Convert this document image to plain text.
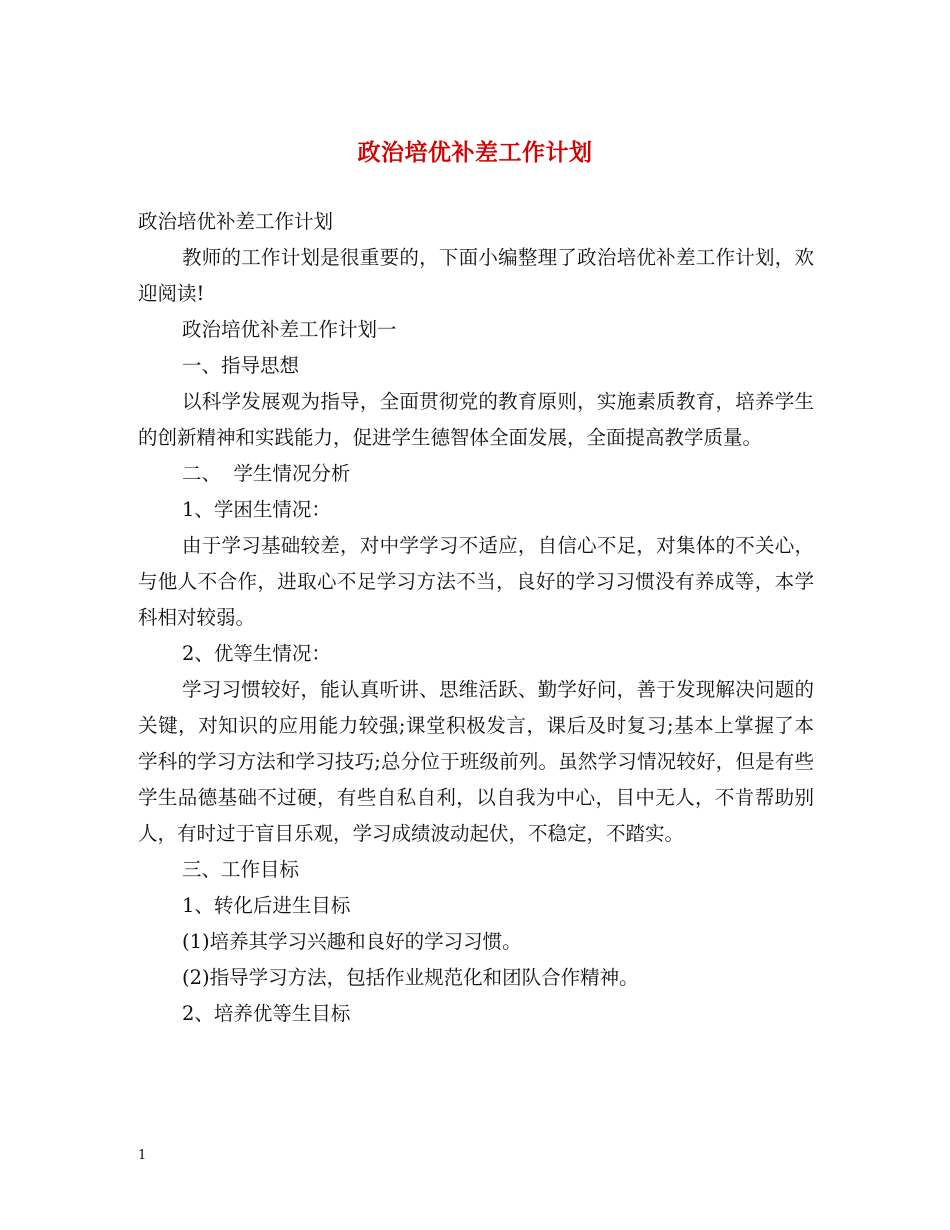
政治培优补差工作计划

政治培优补差工作计划

教师的工作计划是很重要的，下面小编整理了政治培优补差工作计划，欢迎阅读!

政治培优补差工作计划一

一、指导思想

以科学发展观为指导，全面贯彻党的教育原则，实施素质教育，培养学生的创新精神和实践能力，促进学生德智体全面发展，全面提高教学质量。

二、  学生情况分析

1、学困生情况：

由于学习基础较差，对中学学习不适应，自信心不足，对集体的不关心，与他人不合作，进取心不足学习方法不当，良好的学习习惯没有养成等，本学科相对较弱。

2、优等生情况：

学习习惯较好，能认真听讲、思维活跃、勤学好问，善于发现解决问题的关键，对知识的应用能力较强;课堂积极发言，课后及时复习;基本上掌握了本学科的学习方法和学习技巧;总分位于班级前列。虽然学习情况较好，但是有些学生品德基础不过硬，有些自私自利，以自我为中心，目中无人，不肯帮助别人，有时过于盲目乐观，学习成绩波动起伏，不稳定，不踏实。

三、工作目标

1、转化后进生目标

(1)培养其学习兴趣和良好的学习习惯。

(2)指导学习方法，包括作业规范化和团队合作精神。

2、培养优等生目标

1
